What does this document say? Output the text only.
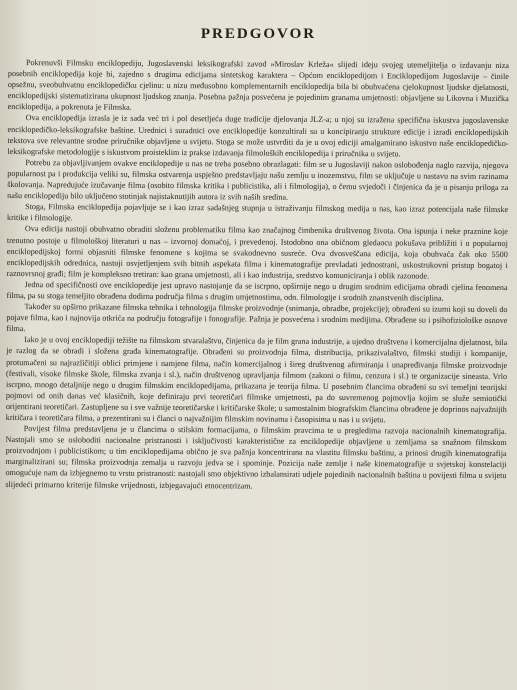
PREDGOVOR

Pokrenuvši Filmsku enciklopediju, Jugoslavenski leksikografski zavod »Miroslav Krleža« slijedi ideju svojeg utemeljitelja o izdavanju niza posebnih enciklopedija koje bi, zajedno s drugima edicijama sintetskog karaktera – Općom enciklopedijom i Enciklopedijom Jugoslavije – činile opsežnu, sveobuhvatnu enciklopedičku cjelinu: u nizu međusobno komplementarnih enciklopedija bila bi obuhvaćena cjelokupnost ljudske djelatnosti, enciklopedijski sistematizirana ukupnost ljudskog znanja. Posebna pažnja posvećena je pojedinim granama umjetnosti: objavljene su Likovna i Muzička enciklopedija, a pokrenuta je Filmska.

Ova enciklopedija izrasla je iz sada već tri i pol desetljeća duge tradicije djelovanja JLZ-a; u njoj su izražena specifična iskustva jugoslavenske enciklopedičko-leksikografske baštine. Urednici i suradnici ove enciklopedije konzultirali su u koncipiranju strukture edicije i izradi enciklopedijskih tekstova sve relevantne srodne priručnike objavljene u svijetu. Stoga se može ustvrditi da je u ovoj ediciji amalgamirano iskustvo naše enciklopedičko-leksikografske metodologije s iskustvom proisteklim iz prakse izdavanja filmoloških enciklopedija i priručnika u svijetu.

Potrebu za objavljivanjem ovakve enciklopedije u nas ne treba posebno obrazlagati: film se u Jugoslaviji nakon oslobođenja naglo razvija, njegova popularnost pa i produkcija veliki su, filmska ostvarenja uspješno predstavljaju našu zemlju u inozemstvu, film se uključuje u nastavu na svim razinama školovanja. Napredujuće izučavanje filma (osobito filmska kritika i publicistika, ali i filmologija), o čemu svjedoči i činjenica da je u pisanju priloga za našu enciklopediju bilo uključeno stotinjak najistaknutijih autora iz svih naših sredina.

Stoga, Filmska enciklopedija pojavljuje se i kao izraz sadašnjeg stupnja u istraživanju filmskog medija u nas, kao izraz potencijala naše filmske kritike i filmologije.

Ova edicija nastoji obuhvatno obraditi složenu problematiku filma kao značajnog čimbenika društvenog života. Ona ispunja i neke praznine koje trenutno postoje u filmološkoj literaturi u nas – izvornoj domaćoj, i prevedenoj. Istodobno ona običnom gledaocu pokušava približiti i u popularnoj enciklopedijskoj formi objasniti filmske fenomene s kojima se svakodnevno susreće. Ova dvosveščana edicija, koja obuhvaća čak oko 5500 enciklopedijskih odrednica, nastoji osvjetljenjem svih bitnih aspekata filma i kinematografije prevladati jednostrani, uskostrukovni pristup bogatoj i raznovrsnoj građi; film je kompleksno tretiran: kao grana umjetnosti, ali i kao industrija, sredstvo komuniciranja i oblik razonode.

Jedna od specifičnosti ove enciklopedije jest upravo nastojanje da se iscrpno, opširnije nego u drugim srodnim edicijama obradi cjelina fenomena filma, pa su stoga temeljito obrađena dodirna područja filma s drugim umjetnostima, odn. filmologije i srodnih znanstvenih disciplina.

Također su opširno prikazane filmska tehnika i tehnologija filmske proizvodnje (snimanja, obradbe, projekcije); obrađeni su izumi koji su doveli do pojave filma, kao i najnovija otkrića na području fotografije i fonografije. Pažnja je posvećena i srodnim medijima. Obrađene su i psihofiziološke osnove filma.

Iako je u ovoj enciklopediji težište na filmskom stvaralaštvu, činjenica da je film grana industrije, a ujedno društvena i komercijalna djelatnost, bila je razlog da se obradi i složena građa kinematografije. Obrađeni su proizvodnja filma, distribucija, prikazivalaštvo, filmski studiji i kompanije, protumačeni su najrazličitiji oblici primjene i namjene filma, način komercijalnog i šireg društvenog afirmiranja i unapređivanja filmske proizvodnje (festivali, visoke filmske škole, filmska zvanja i sl.), način društvenog upravljanja filmom (zakoni o filmu, cenzura i sl.) te organizacije sineasta. Vrlo iscrpno, mnogo detaljnije nego u drugim filmskim enciklopedijama, prikazana je teorija filma. U posebnim člancima obrađeni su svi temeljni teorijski pojmovi od onih danas već klasičnih, koje definiraju prvi teoretičari filmske umjetnosti, pa do suvremenog pojmovlja kojim se služe semiotički orijentirani teoretičari. Zastupljene su i sve važnije teoretičarske i kritičarske škole; u samostalnim biografskim člancima obrađene je doprinos najvažnijih kritičara i teoretičara filma, a prezentirani su i članci o najvažnijim filmskim novinama i časopisima u nas i u svijetu.

Povijest filma predstavljena je u člancima o stilskim formacijama, o filmskim pravcima te u pregledima razvoja nacionalnih kinematografija. Nastojali smo se osloboditi nacionalne pristranosti i isključivosti karakteristične za enciklopedije objavljene u zemljama sa snažnom filmskom proizvodnjom i publicistikom; u tim enciklopedijama obično je sva pažnja koncentrirana na vlastitu filmsku baštinu, a prinosi drugih kinematografija marginalizirani su; filmska proizvodnja zemalja u razvoju jedva se i spominje. Pozicija naše zemlje i naše kinematografije u svjetskoj konstelaciji omogućuje nam da izbjegnemo tu vrstu pristranosti: nastojali smo objektivno izbalansirati udjele pojedinih nacionalnih baština u povijesti filma u svijetu slijedeći primarno kriterije filmske vrijednosti, izbjegavajući etnocentrizam.
